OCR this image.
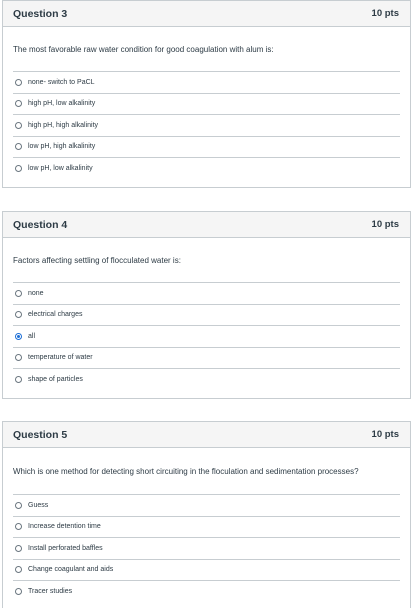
Question 3	10 pts
The most favorable raw water condition for good coagulation with alum is:
none- switch to PaCL
high pH, low alkalinity
high pH, high alkalinity
low pH, high alkalinity
low pH, low alkalinity
Question 4	10 pts
Factors affecting settling of flocculated water is:
none
electrical charges
all
temperature of water
shape of particles
Question 5	10 pts
Which is one method for detecting short circuiting in the floculation and sedimentation processes?
Guess
Increase detention time
Install perforated baffles
Change coagulant and aids
Tracer studies
